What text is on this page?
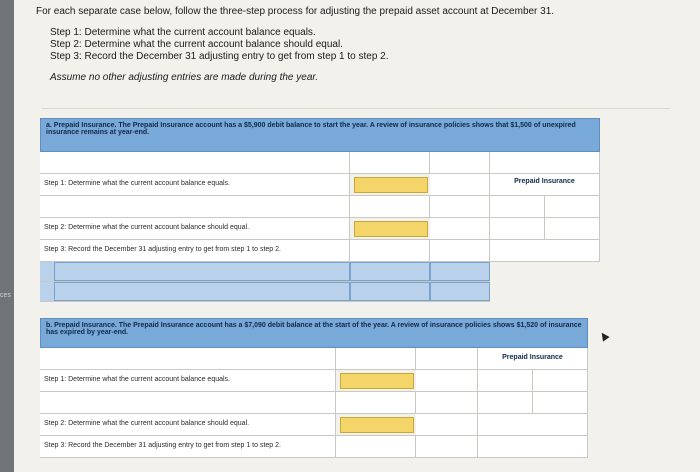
ces

For each separate case below, follow the three-step process for adjusting the prepaid asset account at December 31.

Step 1: Determine what the current account balance equals.

Step 2: Determine what the current account balance should equal.

Step 3: Record the December 31 adjusting entry to get from step 1 to step 2.

Assume no other adjusting entries are made during the year.

a. Prepaid Insurance. The Prepaid Insurance account has a $5,900 debit balance to start the year. A review of insurance policies shows that $1,500 of unexpired insurance remains at year-end.
Step 1: Determine what the current account balance equals.	Prepaid Insurance
Step 2: Determine what the current account balance should equal.
Step 3: Record the December 31 adjusting entry to get from step 1 to step 2.
b. Prepaid Insurance. The Prepaid Insurance account has a $7,090 debit balance at the start of the year. A review of insurance policies shows $1,520 of insurance has expired by year-end.
Prepaid Insurance
Step 1: Determine what the current account balance equals.
Step 2: Determine what the current account balance should equal.
Step 3: Record the December 31 adjusting entry to get from step 1 to step 2.
